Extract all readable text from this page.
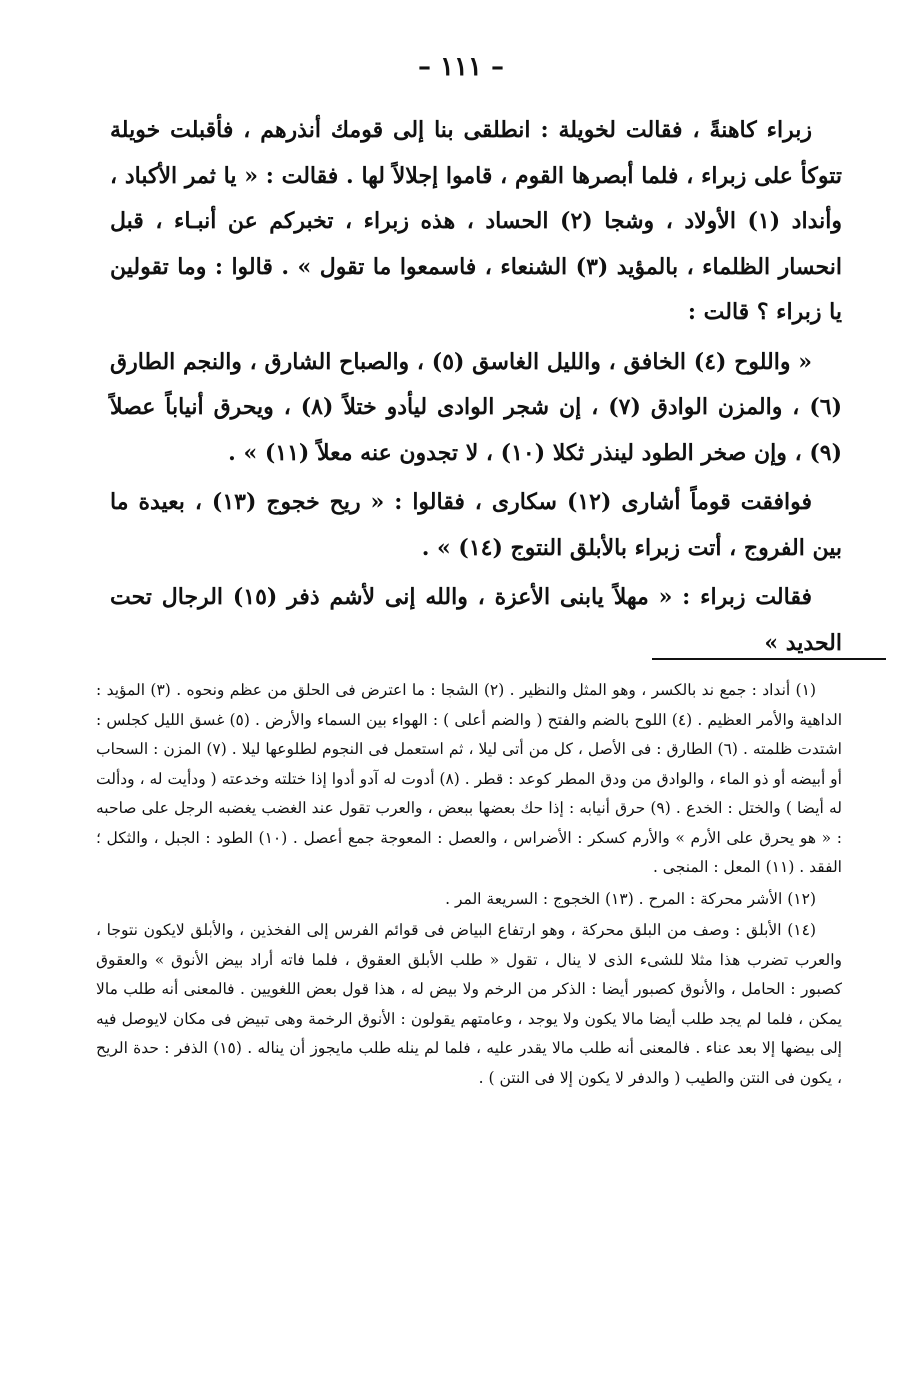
– ١١١ –

زبراء كاهنةً ، فقالت لخويلة : انطلقى بنا إلى قومك أنذرهم ، فأقبلت خويلة تتوكأ على زبراء ، فلما أبصرها القوم ، قاموا إجلالاً لها . فقالت : « يا ثمر الأكباد ، وأنداد (١) الأولاد ، وشجا (٢) الحساد ، هذه زبراء ، تخبركم عن أنبـاء ، قبل انحسار الظلماء ، بالمؤيد (٣) الشنعاء ، فاسمعوا ما تقول » . قالوا : وما تقولين يا زبراء ؟ قالت :

« واللوح (٤) الخافق ، والليل الغاسق (٥) ، والصباح الشارق ، والنجم الطارق (٦) ، والمزن الوادق (٧) ، إن شجر الوادى ليأدو ختلاً (٨) ، ويحرق أنياباً عصلاً (٩) ، وإن صخر الطود لينذر ثكلا (١٠) ، لا تجدون عنه معلاً (١١) » .

فوافقت قوماً أشارى (١٢) سكارى ، فقالوا : « ريح خجوج (١٣) ، بعيدة ما بين الفروج ، أتت زبراء بالأبلق النتوج (١٤) » .

فقالت زبراء : « مهلاً يابنى الأعزة ، والله إنى لأشم ذفر (١٥) الرجال تحت الحديد »

(١) أنداد : جمع ند بالكسر ، وهو المثل والنظير . (٢) الشجا : ما اعترض فى الحلق من عظم ونحوه . (٣) المؤيد : الداهية والأمر العظيم . (٤) اللوح بالضم والفتح ( والضم أعلى ) : الهواء بين السماء والأرض . (٥) غسق الليل كجلس : اشتدت ظلمته . (٦) الطارق : فى الأصل ، كل من أتى ليلا ، ثم استعمل فى النجوم لطلوعها ليلا . (٧) المزن : السحاب أو أبيضه أو ذو الماء ، والوادق من ودق المطر كوعد : قطر . (٨) أدوت له آدو أدوا إذا ختلته وخدعته ( ودأيت له ، ودألت له أيضا ) والختل : الخدع . (٩) حرق أنيابه : إذا حك بعضها ببعض ، والعرب تقول عند الغضب يغضبه الرجل على صاحبه : « هو يحرق على الأرم » والأرم كسكر : الأضراس ، والعصل : المعوجة جمع أعصل . (١٠) الطود : الجبل ، والثكل ؛ الفقد . (١١) المعل : المنجى .

(١٢) الأشر محركة : المرح . (١٣) الخجوج : السريعة المر .

(١٤) الأبلق : وصف من البلق محركة ، وهو ارتفاع البياض فى قوائم الفرس إلى الفخذين ، والأبلق لايكون نتوجا ، والعرب تضرب هذا مثلا للشىء الذى لا ينال ، تقول « طلب الأبلق العقوق ، فلما فاته أراد بيض الأنوق » والعقوق كصبور : الحامل ، والأنوق كصبور أيضا : الذكر من الرخم ولا بيض له ، هذا قول بعض اللغويين . فالمعنى أنه طلب مالا يمكن ، فلما لم يجد طلب أيضا مالا يكون ولا يوجد ، وعامتهم يقولون : الأنوق الرخمة وهى تبيض فى مكان لايوصل فيه إلى بيضها إلا بعد عناء . فالمعنى أنه طلب مالا يقدر عليه ، فلما لم ينله طلب مايجوز أن يناله . (١٥) الذفر : حدة الريح ، يكون فى النتن والطيب ( والدفر لا يكون إلا فى النتن ) .
